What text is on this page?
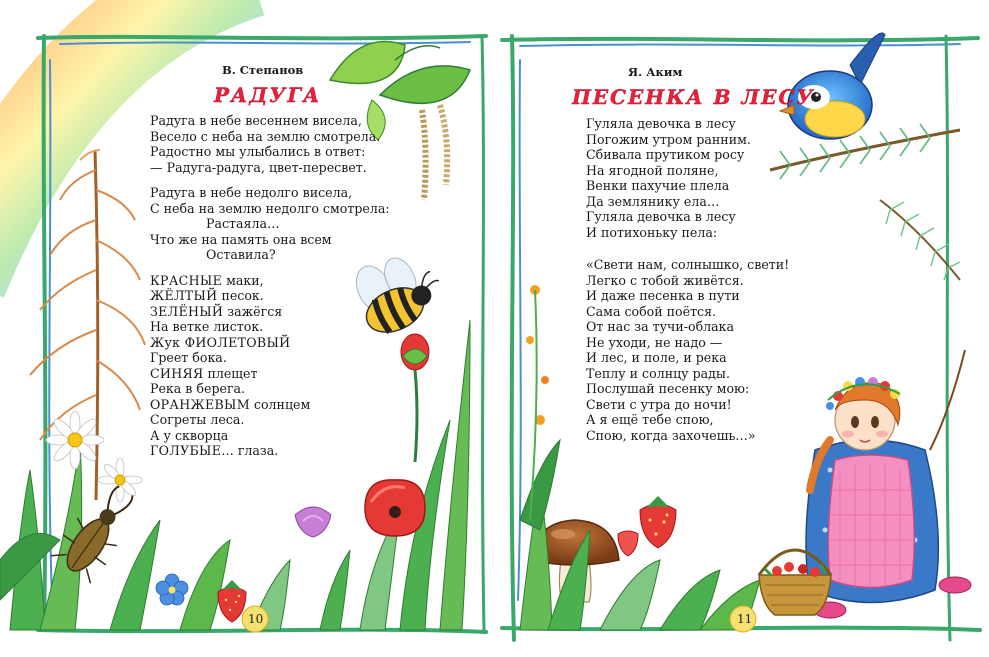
В. Степанов
РАДУГА
Радуга в небе весеннем висела,
Весело с неба на землю смотрела.
Радостно мы улыбались в ответ:
— Радуга-радуга, цвет-пересвет.
Радуга в небе недолго висела,
С неба на землю недолго смотрела:
Растаяла…
Что же на память она всем
Оставила?
КРАСНЫЕ маки,
ЖЁЛТЫЙ песок.
ЗЕЛЁНЫЙ зажёгся
На ветке листок.
Жук ФИОЛЕТОВЫЙ
Греет бока.
СИНЯЯ плещет
Река в берега.
ОРАНЖЕВЫМ солнцем
Согреты леса.
А у скворца
ГОЛУБЫЕ… глаза.
10
Я. Аким
ПЕСЕНКА В ЛЕСУ
Гуляла девочка в лесу
Погожим утром ранним.
Сбивала прутиком росу
На ягодной поляне,
Венки пахучие плела
Да землянику ела…
Гуляла девочка в лесу
И потихоньку пела:
«Свети нам, солнышко, свети!
Легко с тобой живётся.
И даже песенка в пути
Сама собой поётся.
От нас за тучи-облака
Не уходи, не надо —
И лес, и поле, и река
Теплу и солнцу рады.
Послушай песенку мою:
Свети с утра до ночи!
А я ещё тебе спою,
Спою, когда захочешь…»
11
